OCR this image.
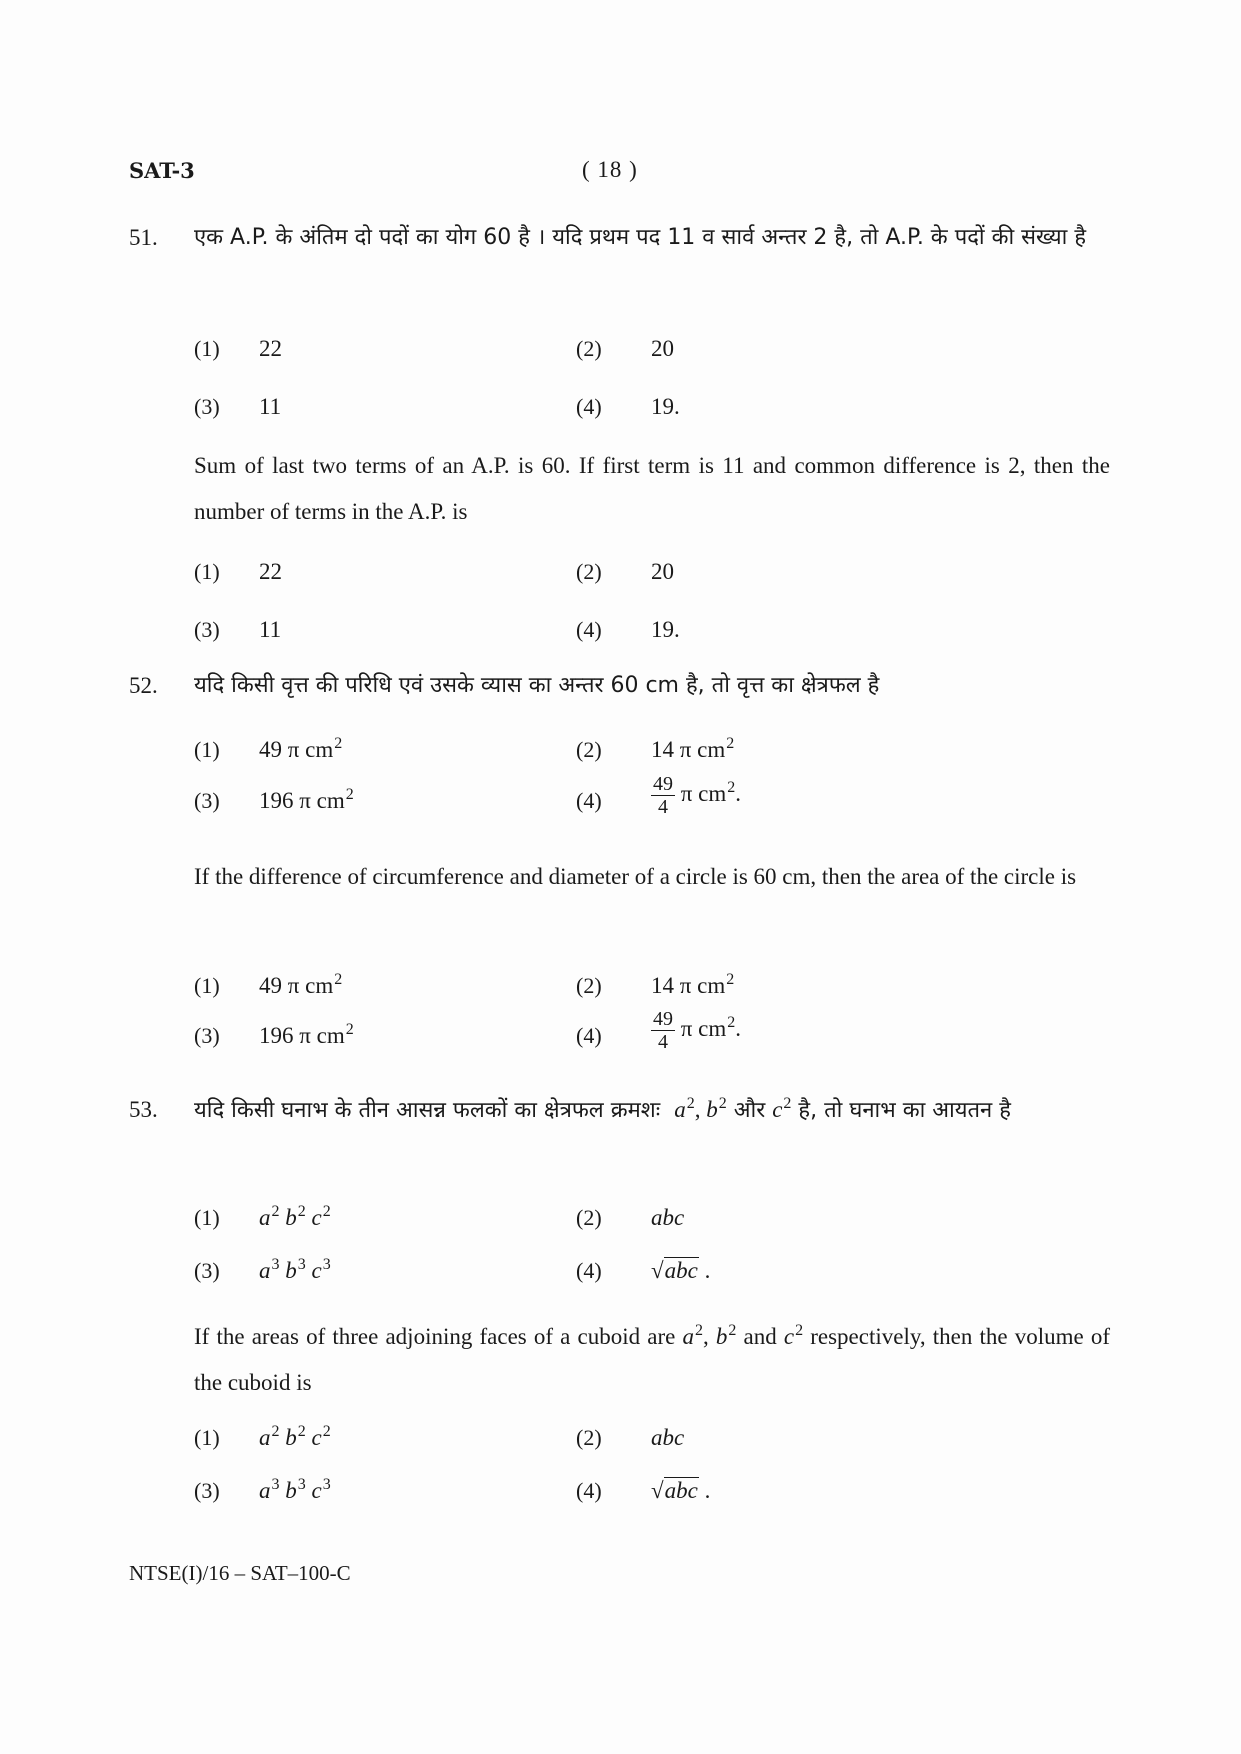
SAT-3	( 18 )
51. एक A.P. के अंतिम दो पदों का योग 60 है । यदि प्रथम पद 11 व सार्व अन्तर 2 है, तो A.P. के पदों की संख्या है
(1) 22	(2) 20
(3) 11	(4) 19.
Sum of last two terms of an A.P. is 60. If first term is 11 and common difference is 2, then the number of terms in the A.P. is
(1) 22	(2) 20
(3) 11	(4) 19.
52. यदि किसी वृत्त की परिधि एवं उसके व्यास का अन्तर 60 cm है, तो वृत्त का क्षेत्रफल है
(1) 49 π $cm^2$	(2) 14 π $cm^2$
(3) 196 π $cm^2$	$(4) \frac{49}{4}$ π $cm^2$.
If the difference of circumference and diameter of a circle is 60 cm, then the area of the circle is
(1) 49 π $cm^2$	(2) 14 π $cm^2$
(3) 196 π $cm^2$	$(4) \frac{49}{4}$ π $cm^2$.
53. यदि किसी घनाभ के तीन आसन्न फलकों का क्षेत्रफल क्रमशः $a^2$, $b^2$ और $c^2$ है, तो घनाभ का आयतन है
(1) $a^2$ $b^2$ $c^2$	(2) abc
(3) $a^3$ $b^3$ $c^3$	(4) √abc .
If the areas of three adjoining faces of a cuboid are $a^2$, $b^2$ and $c^2$ respectively, then the volume of the cuboid is
(1) $a^2$ $b^2$ $c^2$	(2) abc
(3) $a^3$ $b^3$ $c^3$	(4) √abc .
NTSE(I)/16 – SAT–100-C
